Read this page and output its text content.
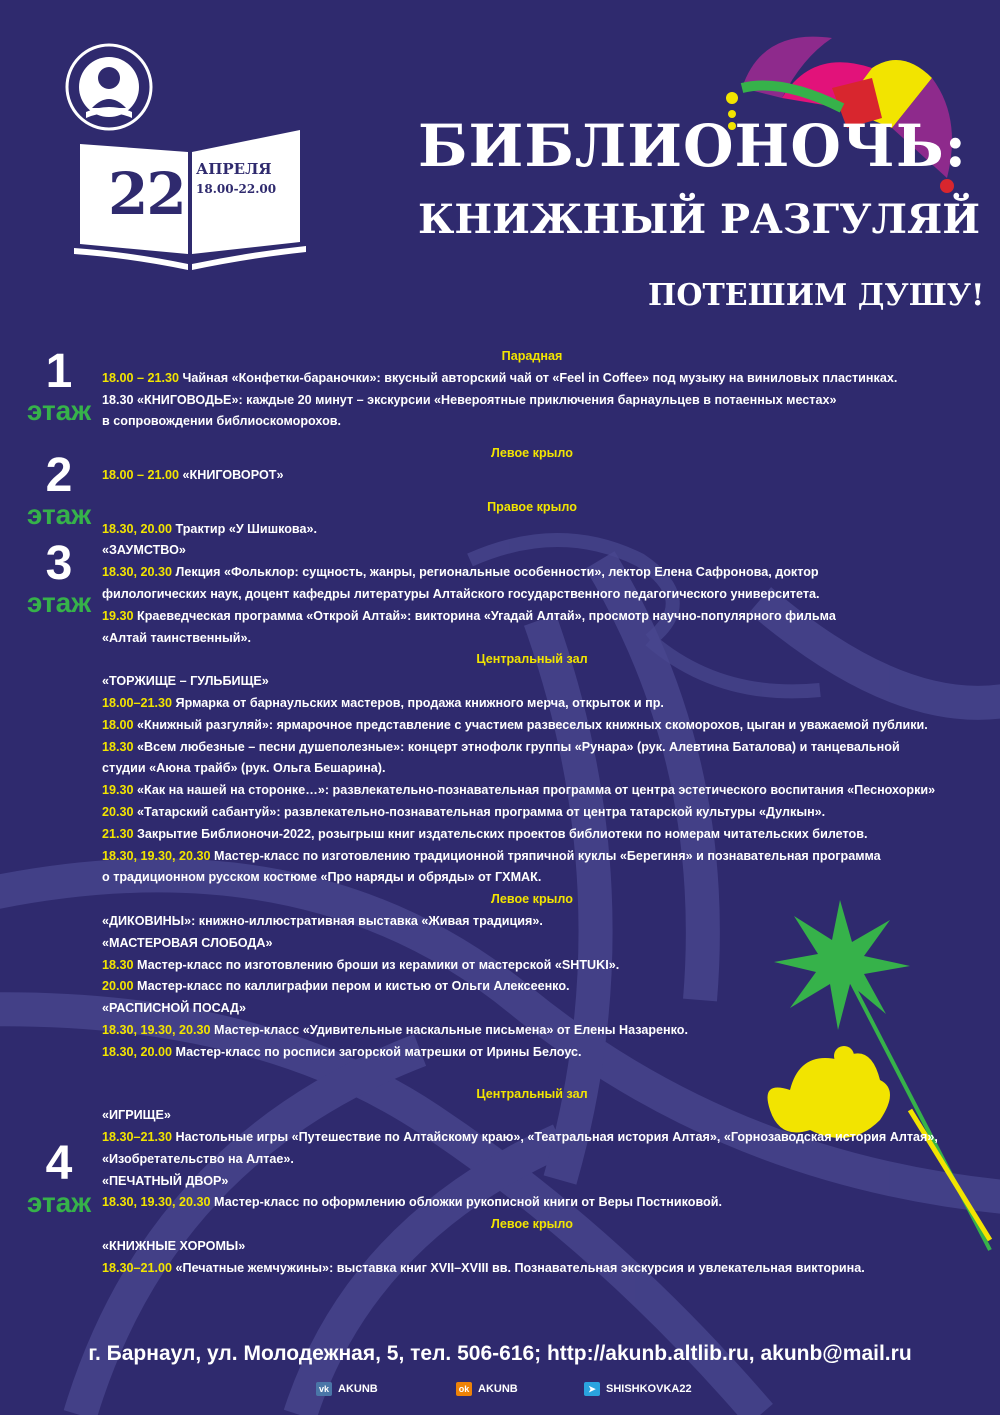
22 АПРЕЛЯ
18.00-22.00
БИБЛИОНОЧЬ:
КНИЖНЫЙ РАЗГУЛЯЙ
ПОТЕШИМ ДУШУ!
1
этаж
2
этаж
3
этаж
4
этаж
Парадная
18.00 – 21.30 Чайная «Конфетки-бараночки»: вкусный авторский чай от «Feel in Coffee» под музыку на виниловых пластинках.
18.30 «КНИГОВОДЬЕ»: каждые 20 минут – экскурсии «Невероятные приключения барнаульцев в потаенных местах»
в сопровождении библиоскоморохов.
Левое крыло
18.00 – 21.00 «КНИГОВОРОТ»
Правое крыло
18.30, 20.00 Трактир «У Шишкова».
«ЗАУМСТВО»
18.30, 20.30 Лекция «Фольклор: сущность, жанры, региональные особенности», лектор Елена Сафронова, доктор
филологических наук, доцент кафедры литературы Алтайского государственного педагогического университета.
19.30 Краеведческая программа «Открой Алтай»: викторина «Угадай Алтай», просмотр научно-популярного фильма
«Алтай таинственный».
Центральный зал
«ТОРЖИЩЕ – ГУЛЬБИЩЕ»
18.00–21.30 Ярмарка от барнаульских мастеров, продажа книжного мерча, открыток и пр.
18.00 «Книжный разгуляй»: ярмарочное представление с участием развеселых книжных скоморохов, цыган и уважаемой публики.
18.30 «Всем любезные – песни душеполезные»: концерт этнофолк группы «Рунара» (рук. Алевтина Баталова) и танцевальной
студии «Аюна трайб» (рук. Ольга Бешарина).
19.30 «Как на нашей на сторонке…»: развлекательно-познавательная программа от центра эстетического воспитания «Песнохорки»
20.30 «Татарский сабантуй»: развлекательно-познавательная программа от центра татарской культуры «Дулкын».
21.30 Закрытие Библионочи-2022, розыгрыш книг издательских проектов библиотеки по номерам читательских билетов.
18.30, 19.30, 20.30 Мастер-класс по изготовлению традиционной тряпичной куклы «Берегиня» и познавательная программа
о традиционном русском костюме «Про наряды и обряды» от ГХМАК.
Левое крыло
«ДИКОВИНЫ»: книжно-иллюстративная выставка «Живая традиция».
«МАСТЕРОВАЯ СЛОБОДА»
18.30 Мастер-класс по изготовлению броши из керамики от мастерской «SHTUKI».
20.00 Мастер-класс по каллиграфии пером и кистью от Ольги Алексеенко.
«РАСПИСНОЙ ПОСАД»
18.30, 19.30, 20.30 Мастер-класс «Удивительные наскальные письмена» от Елены Назаренко.
18.30, 20.00 Мастер-класс по росписи загорской матрешки от Ирины Белоус.
Центральный зал
«ИГРИЩЕ»
18.30–21.30 Настольные игры «Путешествие по Алтайскому краю», «Театральная история Алтая», «Горнозаводская история Алтая»,
«Изобретательство на Алтае».
«ПЕЧАТНЫЙ ДВОР»
18.30, 19.30, 20.30 Мастер-класс по оформлению обложки рукописной книги от Веры Постниковой.
Левое крыло
«КНИЖНЫЕ ХОРОМЫ»
18.30–21.00 «Печатные жемчужины»: выставка книг XVII–XVIII вв. Познавательная экскурсия и увлекательная викторина.
г. Барнаул, ул. Молодежная, 5, тел. 506-616; http://akunb.altlib.ru, akunb@mail.ru
vk AKUNB	ok AKUNB	➤ SHISHKOVKA22
